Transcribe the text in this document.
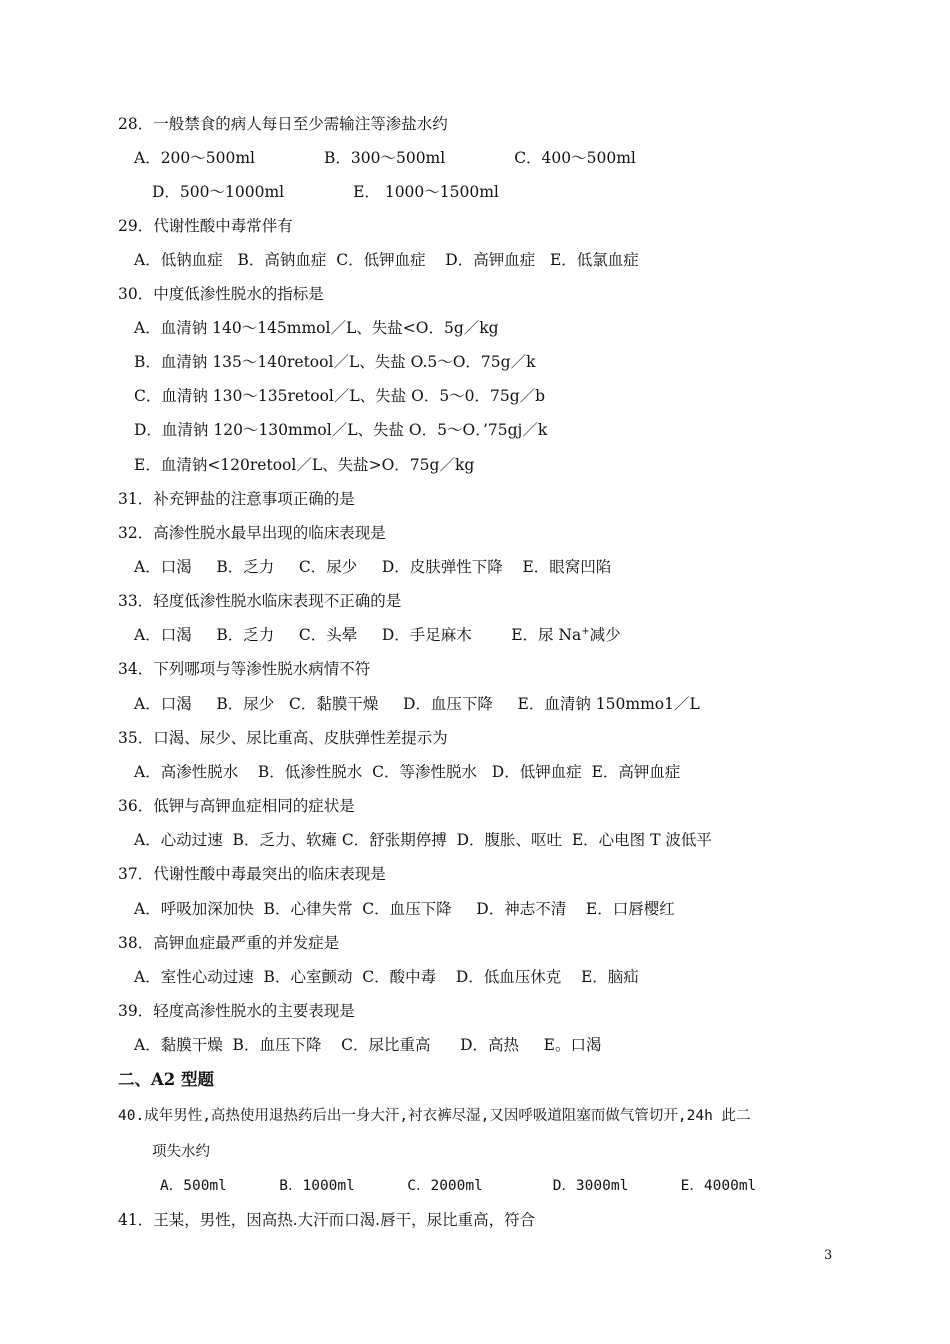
28．一般禁食的病人每日至少需输注等渗盐水约
A．200～500ml              B．300～500ml              C．400～500ml
D．500～1000ml              E． 1000～1500ml
29．代谢性酸中毒常伴有
A．低钠血症   B．高钠血症  C．低钾血症    D．高钾血症   E．低氯血症
30．中度低渗性脱水的指标是
A．血清钠 140～145mmol／L、失盐<O．5g／kg
B．血清钠 135～140retool／L、失盐 O.5～O．75g／k
C．血清钠 130～135retool／L、失盐 O．5～0．75g／b
D．血清钠 120～130mmol／L、失盐 O．5～O．’75gj／k
E．血清钠<120retool／L、失盐>O．75g／kg
31．补充钾盐的注意事项正确的是
32．高渗性脱水最早出现的临床表现是
A．口渴     B．乏力     C．尿少     D．皮肤弹性下降    E．眼窝凹陷
33．轻度低渗性脱水临床表现不正确的是
A．口渴     B．乏力     C．头晕     D．手足麻木        E．尿 Na+减少
34．下列哪项与等渗性脱水病情不符
A．口渴     B．尿少   C．黏膜干燥     D．血压下降     E．血清钠 150mmo1／L
35．口渴、尿少、尿比重高、皮肤弹性差提示为
A．高渗性脱水    B．低渗性脱水  C．等渗性脱水   D．低钾血症  E．高钾血症
36．低钾与高钾血症相同的症状是
A．心动过速  B．乏力、软瘫 C．舒张期停搏  D．腹胀、呕吐  E．心电图 T 波低平
37．代谢性酸中毒最突出的临床表现是
A．呼吸加深加快  B．心律失常  C．血压下降     D．神志不清    E．口唇樱红
38．高钾血症最严重的并发症是
A．室性心动过速  B．心室颤动  C．酸中毒    D．低血压休克    E．脑疝
39．轻度高渗性脱水的主要表现是
A．黏膜干燥  B．血压下降    C．尿比重高      D．高热     E。口渴
二、A2 型题
40.成年男性,高热使用退热药后出一身大汗,衬衣裤尽湿,又因呼吸道阻塞而做气管切开,24h 此二
项失水约
A．500ml      B．1000ml      C．2000ml        D．3000ml      E．4000ml
41．王某，男性，因高热.大汗而口渴.唇干，尿比重高，符合
3
